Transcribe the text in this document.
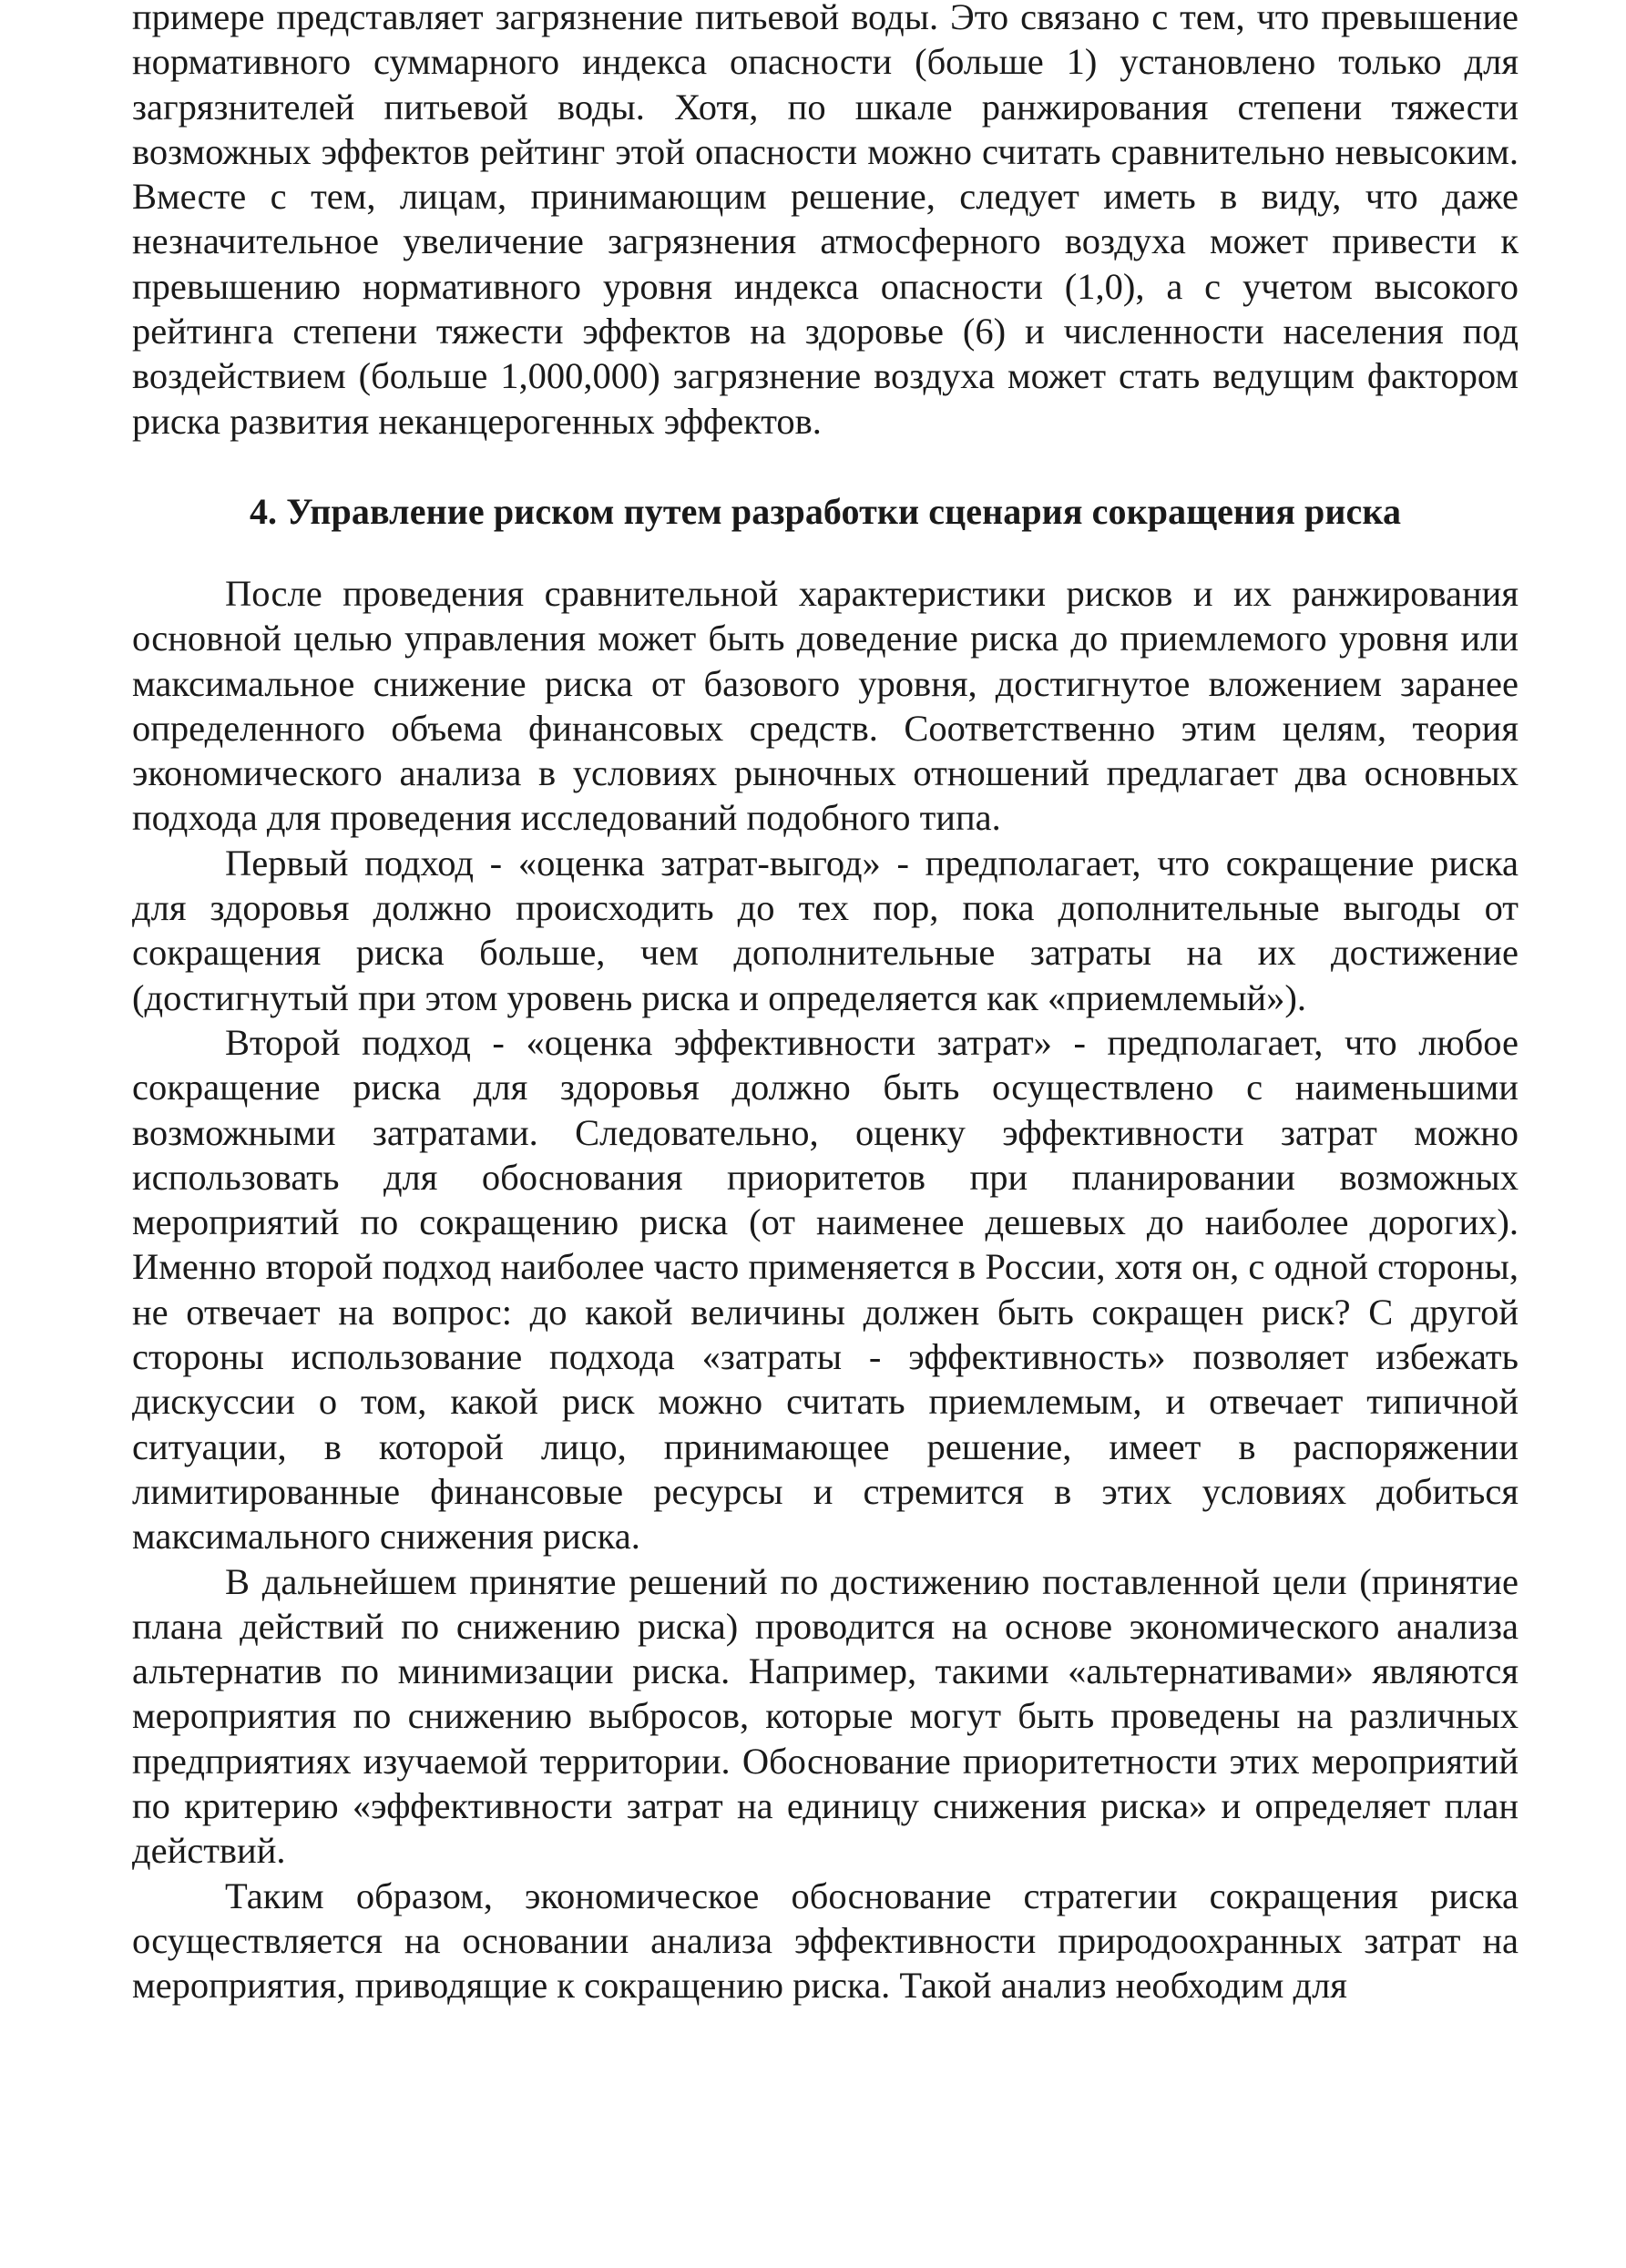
примере представляет загрязнение питьевой воды. Это связано с тем, что превышение нормативного суммарного индекса опасности (больше 1) установлено только для загрязнителей питьевой воды. Хотя, по шкале ранжирования степени тяжести возможных эффектов рейтинг этой опасности можно считать сравнительно невысоким. Вместе с тем, лицам, принимающим решение, следует иметь в виду, что даже незначительное увеличение загрязнения атмосферного воздуха может привести к превышению нормативного уровня индекса опасности (1,0), а с учетом высокого рейтинга степени тяжести эффектов на здоровье (6) и численности населения под воздействием (больше 1,000,000) загрязнение воздуха может стать ведущим фактором риска развития неканцерогенных эффектов.

4. Управление риском путем разработки сценария сокращения риска

После проведения сравнительной характеристики рисков и их ранжирования основной целью управления может быть доведение риска до приемлемого уровня или максимальное снижение риска от базового уровня, достигнутое вложением заранее определенного объема финансовых средств. Соответственно этим целям, теория экономического анализа в условиях рыночных отношений предлагает два основных подхода для проведения исследований подобного типа.

Первый подход - «оценка затрат-выгод» - предполагает, что сокращение риска для здоровья должно происходить до тех пор, пока дополнительные выгоды от сокращения риска больше, чем дополнительные затраты на их достижение (достигнутый при этом уровень риска и определяется как «приемлемый»).

Второй подход - «оценка эффективности затрат» - предполагает, что любое сокращение риска для здоровья должно быть осуществлено с наименьшими возможными затратами. Следовательно, оценку эффективности затрат можно использовать для обоснования приоритетов при планировании возможных мероприятий по сокращению риска (от наименее дешевых до наиболее дорогих). Именно второй подход наиболее часто применяется в России, хотя он, с одной стороны, не отвечает на вопрос: до какой величины должен быть сокращен риск? С другой стороны использование подхода «затраты - эффективность» позволяет избежать дискуссии о том, какой риск можно считать приемлемым, и отвечает типичной ситуации, в которой лицо, принимающее решение, имеет в распоряжении лимитированные финансовые ресурсы и стремится в этих условиях добиться максимального снижения риска.

В дальнейшем принятие решений по достижению поставленной цели (принятие плана действий по снижению риска) проводится на основе экономического анализа альтернатив по минимизации риска. Например, такими «альтернативами» являются мероприятия по снижению выбросов, которые могут быть проведены на различных предприятиях изучаемой территории. Обоснование приоритетности этих мероприятий по критерию «эффективности затрат на единицу снижения риска» и определяет план действий.

Таким образом, экономическое обоснование стратегии сокращения риска осуществляется на основании анализа эффективности природоохранных затрат на мероприятия, приводящие к сокращению риска. Такой анализ необходим для
